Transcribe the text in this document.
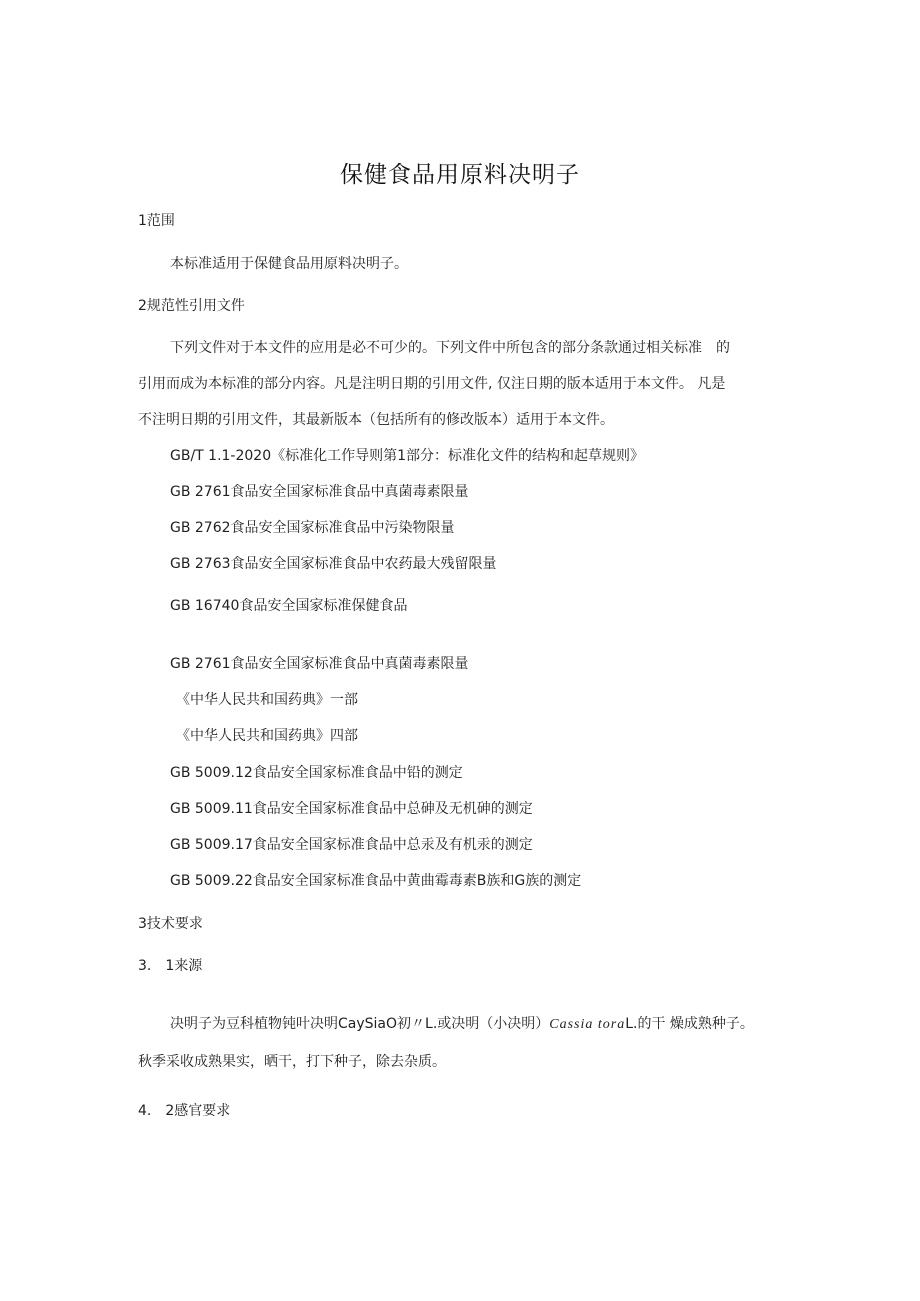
保健食品用原料决明子
1范围
本标准适用于保健食品用原料决明子。
2规范性引用文件
下列文件对于本文件的应用是必不可少的。下列文件中所包含的部分条款通过相关标准　的
引用而成为本标准的部分内容。凡是注明日期的引用文件, 仅注日期的版本适用于本文件。 凡是
不注明日期的引用文件，其最新版本（包括所有的修改版本）适用于本文件。
GB/T 1.1-2020《标准化工作导则第1部分：标准化文件的结构和起草规则》
GB 2761食品安全国家标准食品中真菌毒素限量
GB 2762食品安全国家标准食品中污染物限量
GB 2763食品安全国家标准食品中农药最大残留限量
GB 16740食品安全国家标准保健食品
GB 2761食品安全国家标准食品中真菌毒素限量
《中华人民共和国药典》一部
《中华人民共和国药典》四部
GB 5009.12食品安全国家标准食品中铅的测定
GB 5009.11食品安全国家标准食品中总砷及无机砷的测定
GB 5009.17食品安全国家标准食品中总汞及有机汞的测定
GB 5009.22食品安全国家标准食品中黄曲霉毒素B族和G族的测定
3技术要求
3.　1来源
决明子为豆科植物钝叶决明CaySiaO初〃L.或决明（小决明）Cassia toraL.的干 燥成熟种子。
秋季采收成熟果实，晒干，打下种子，除去杂质。
4.　2感官要求
